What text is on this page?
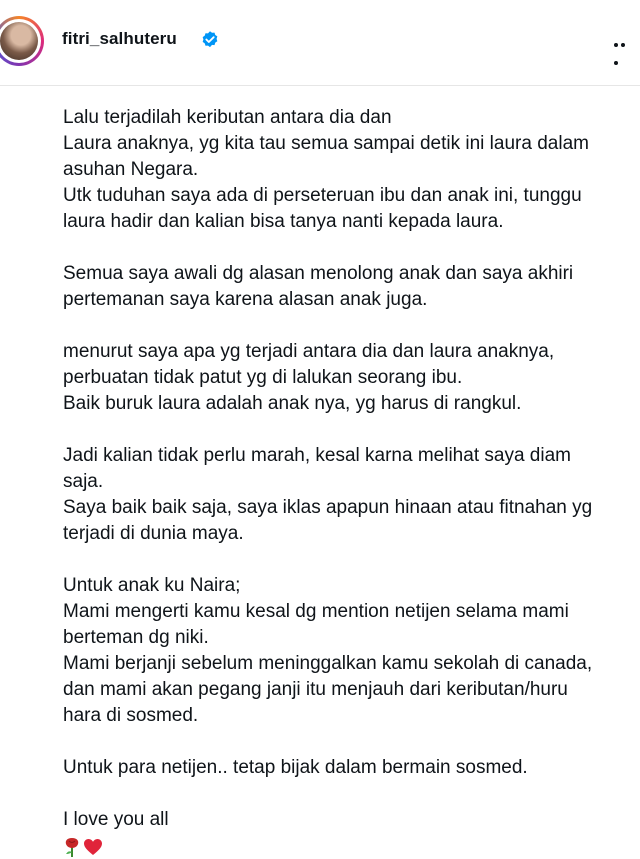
fitri_salhuteru
Lalu terjadilah keributan antara dia dan
Laura anaknya, yg kita tau semua sampai detik ini laura dalam
asuhan Negara.
Utk tuduhan saya ada di perseteruan ibu dan anak ini, tunggu
laura hadir dan kalian bisa tanya nanti kepada laura.
Semua saya awali dg alasan menolong anak dan saya akhiri
pertemanan saya karena alasan anak juga.
menurut saya apa yg terjadi antara dia dan laura anaknya,
perbuatan tidak patut yg di lalukan seorang ibu.
Baik buruk laura adalah anak nya, yg harus di rangkul.
Jadi kalian tidak perlu marah, kesal karna melihat saya diam
saja.
Saya baik baik saja, saya iklas apapun hinaan atau fitnahan yg
terjadi di dunia maya.
Untuk anak ku Naira;
Mami mengerti kamu kesal dg mention netijen selama mami
berteman dg niki.
Mami berjanji sebelum meninggalkan kamu sekolah di canada,
dan mami akan pegang janji itu menjauh dari keributan/huru
hara di sosmed.
Untuk para netijen.. tetap bijak dalam bermain sosmed.
I love you all
